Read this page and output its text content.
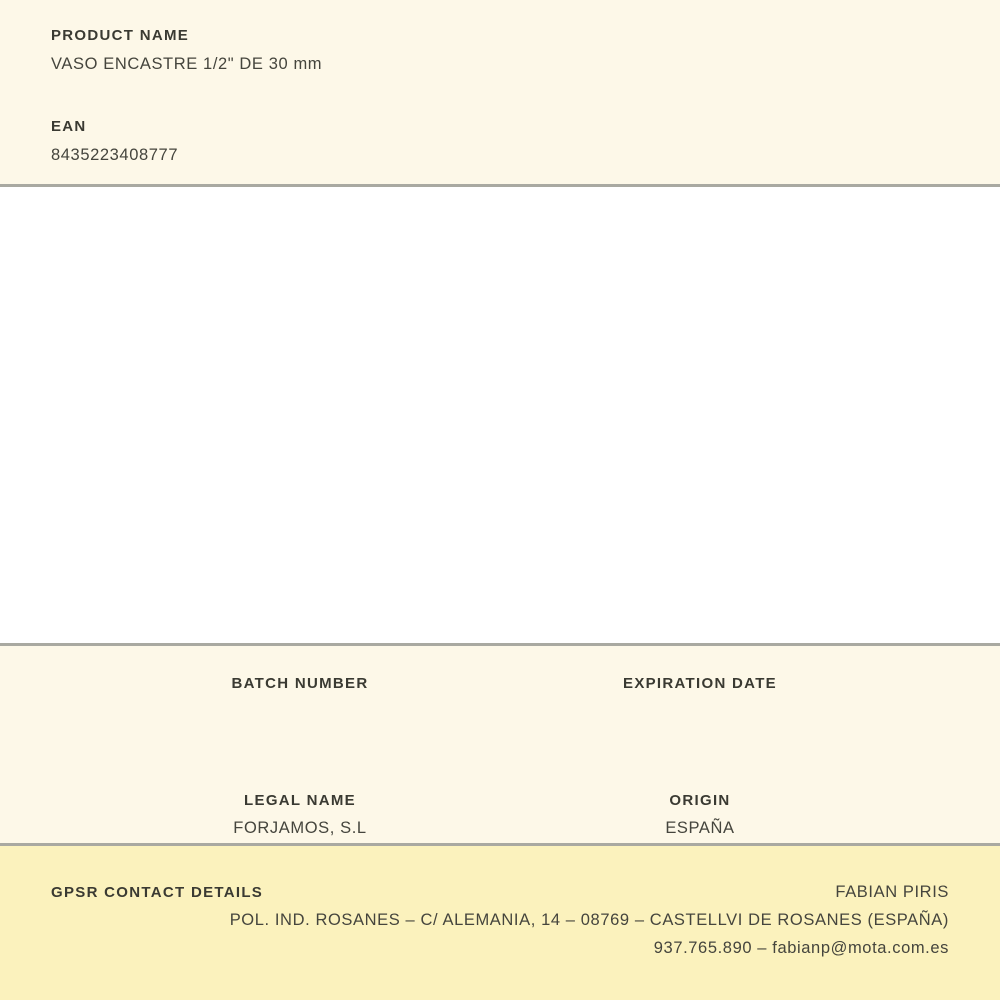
PRODUCT NAME
VASO ENCASTRE 1/2" DE 30 mm
EAN
8435223408777
BATCH NUMBER	EXPIRATION DATE
LEGAL NAME
FORJAMOS, S.L
ORIGIN
ESPAÑA
GPSR CONTACT DETAILS	FABIAN PIRIS
POL. IND. ROSANES – C/ ALEMANIA, 14 – 08769 – CASTELLVI DE ROSANES (ESPAÑA)
937.765.890 – fabianp@mota.com.es
